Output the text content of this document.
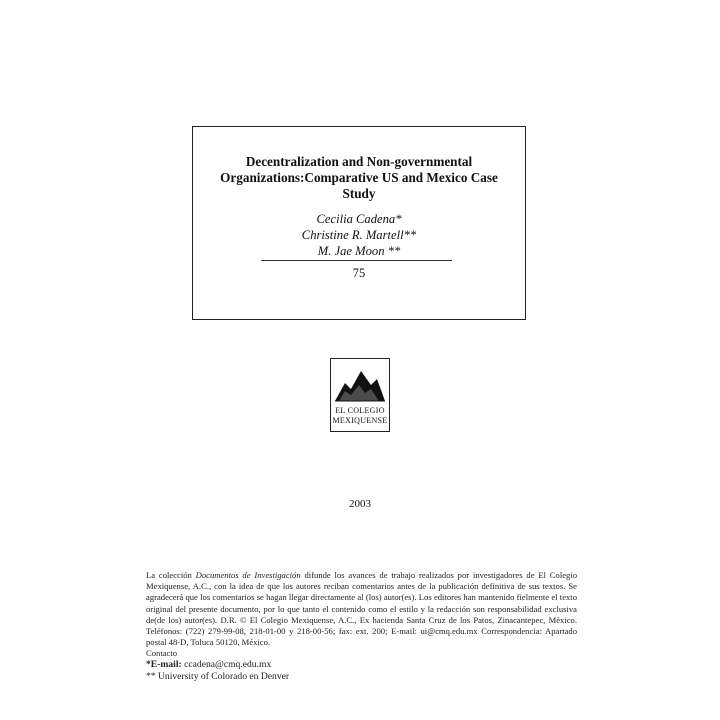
Decentralization and Non-governmental
Organizations:Comparative US and Mexico Case
Study
Cecilia Cadena*
Christine R. Martell**
M. Jae Moon **
75
EL COLEGIO
MEXIQUENSE
2003
La colección Documentos de Investigación difunde los avances de trabajo realizados por investigadores de El Colegio Mexiquense, A.C., con la idea de que los autores reciban comentarios antes de la publicación definitiva de sus textos. Se agradecerá que los comentarios se hagan llegar directamente al (los) autor(es). Los editores han mantenido fielmente el texto original del presente documento, por lo que tanto el contenido como el estilo y la redacción son responsabilidad exclusiva de(de los) autor(es). D.R. © El Colegio Mexiquense, A.C., Ex hacienda Santa Cruz de los Patos, Zinacantepec, México. Teléfonos: (722) 279-99-08, 218-01-00 y 218-00-56; fax: ext. 200; E-mail: ui@cmq.edu.mx Correspondencia: Apartado postal 48-D, Toluca 50120, México.
Contacto
*E-mail: ccadena@cmq.edu.mx
** University of Colorado en Denver
